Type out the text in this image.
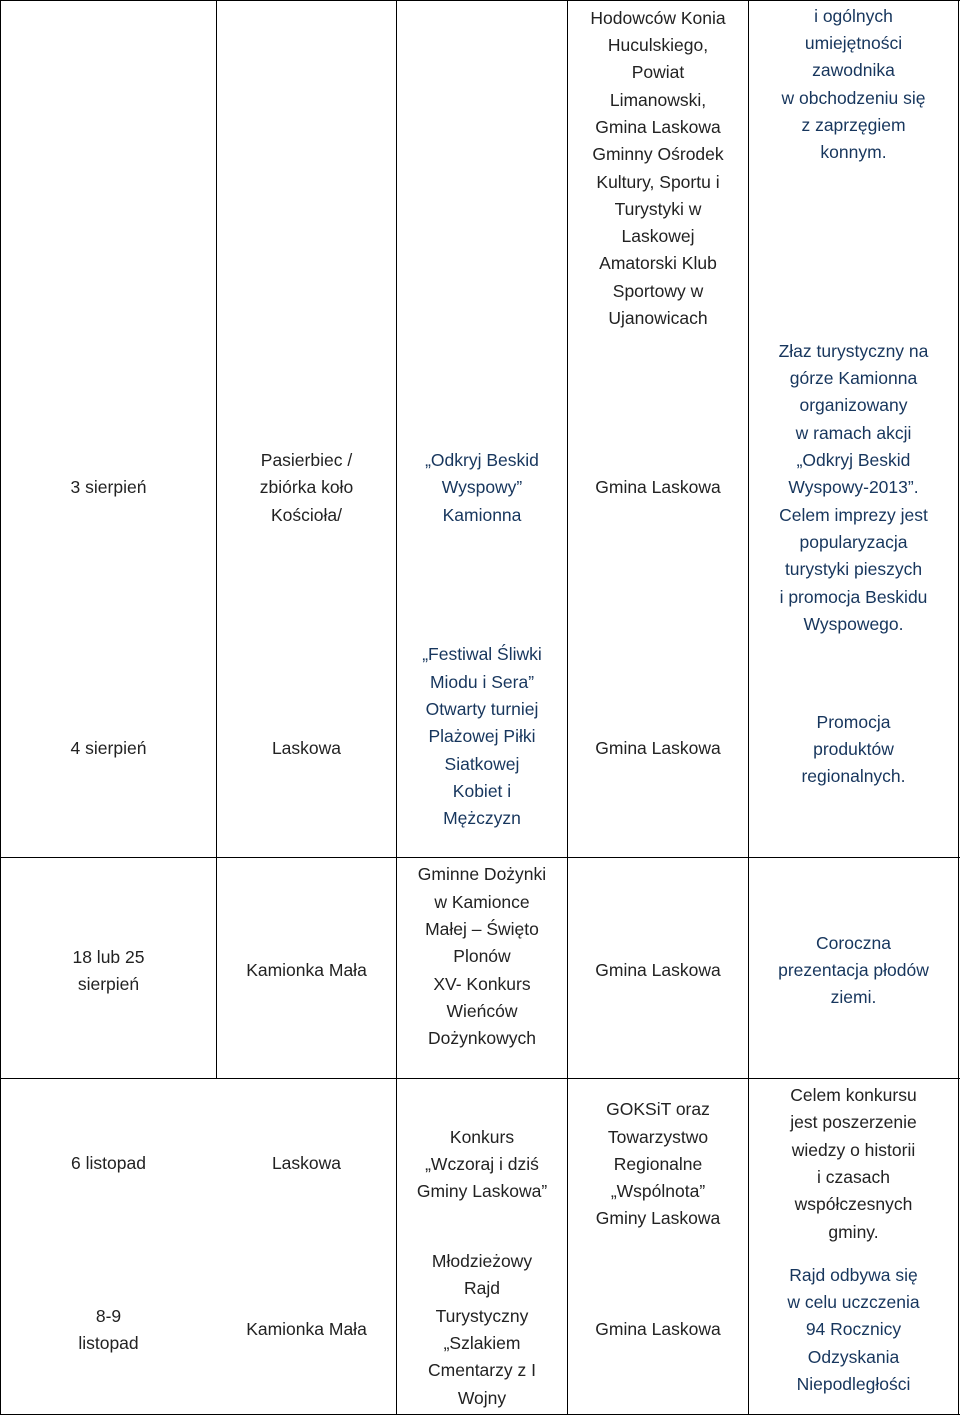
Hodowców Konia
Huculskiego,
Powiat
Limanowski,
Gmina Laskowa
Gminny Ośrodek
Kultury, Sportu i
Turystyki w
Laskowej
Amatorski Klub
Sportowy w
Ujanowicach
i ogólnych
umiejętności
zawodnika
w obchodzeniu się
z zaprzęgiem
konnym.
3 sierpień
Pasierbiec /
zbiórka koło
Kościoła/
„Odkryj Beskid
Wyspowy”
Kamionna
Gmina Laskowa
Złaz turystyczny na
górze Kamionna
organizowany
w ramach akcji
„Odkryj Beskid
Wyspowy-2013”.
Celem imprezy jest
popularyzacja
turystyki pieszych
i promocja Beskidu
Wyspowego.
4 sierpień	Laskowa
„Festiwal Śliwki
Miodu i Sera”
Otwarty turniej
Plażowej Piłki
Siatkowej
Kobiet i
Mężczyzn
Gmina Laskowa
Promocja
produktów
regionalnych.
18 lub 25
sierpień
Kamionka Mała
Gminne Dożynki
w Kamionce
Małej – Święto
Plonów
XV- Konkurs
Wieńców
Dożynkowych
Gmina Laskowa
Coroczna
prezentacja płodów
ziemi.
6 listopad	Laskowa
Konkurs
„Wczoraj i dziś
Gminy Laskowa”
GOKSiT oraz
Towarzystwo
Regionalne
„Wspólnota”
Gminy Laskowa
Celem konkursu
jest poszerzenie
wiedzy o historii
i czasach
współczesnych
gminy.
8-9
listopad
Kamionka Mała
Młodzieżowy
Rajd
Turystyczny
„Szlakiem
Cmentarzy z I
Wojny
Gmina Laskowa
Rajd odbywa się
w celu uczczenia
94 Rocznicy
Odzyskania
Niepodległości
